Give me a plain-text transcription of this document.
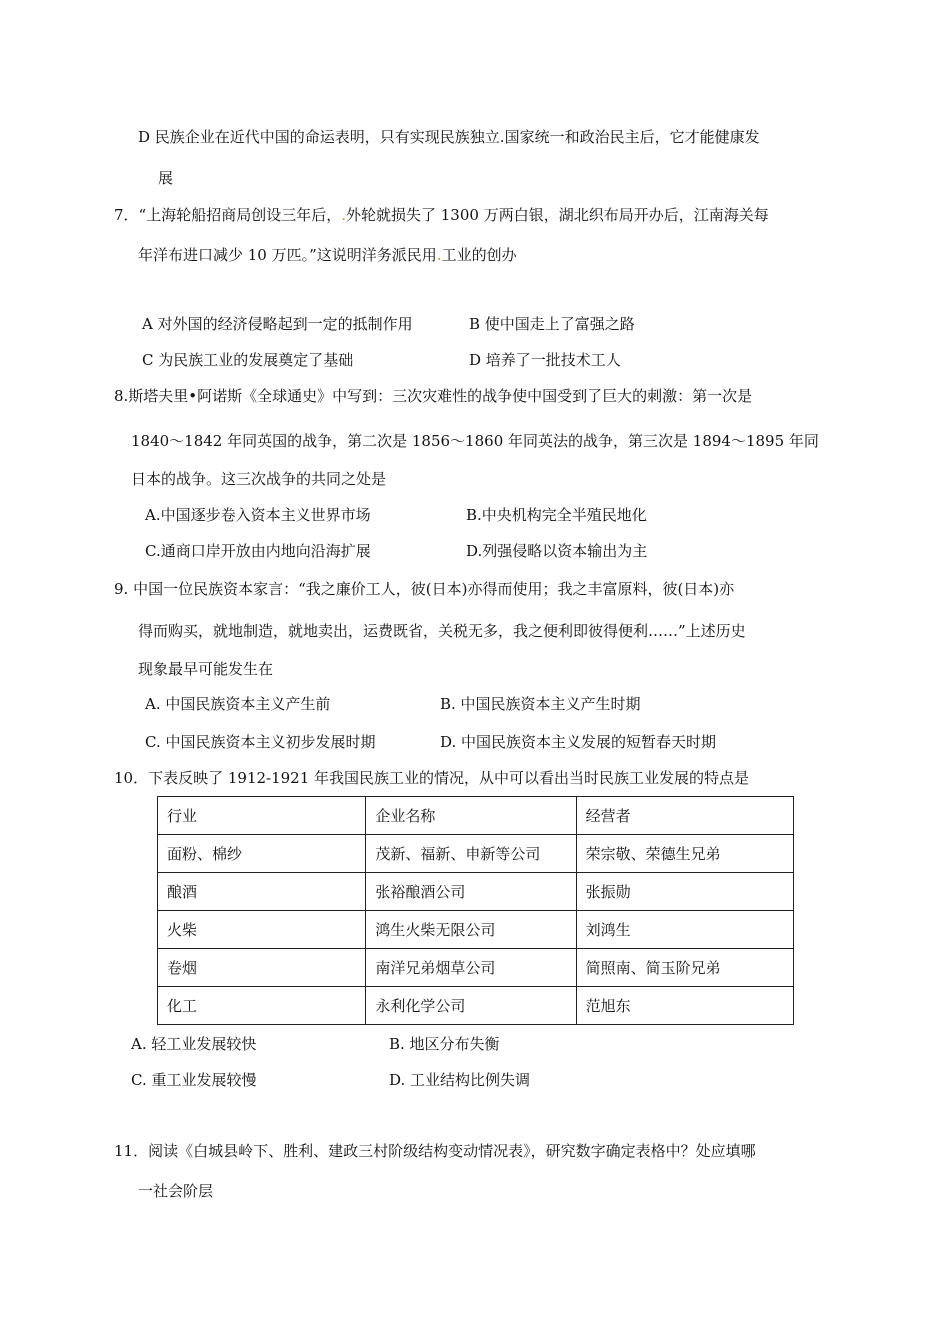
D 民族企业在近代中国的命运表明，只有实现民族独立.国家统一和政治民主后，它才能健康发
展
7．“上海轮船招商局创设三年后，.外轮就损失了 1300 万两白银，湖北织布局开办后，江南海关每
年洋布进口减少 10 万匹。”这说明洋务派民用.工业的创办
A 对外国的经济侵略起到一定的抵制作用	B 使中国走上了富强之路
C 为民族工业的发展奠定了基础	D 培养了一批技术工人
8.斯塔夫里•阿诺斯《全球通史》中写到：三次灾难性的战争使中国受到了巨大的刺激：第一次是
1840～1842 年同英国的战争，第二次是 1856～1860 年同英法的战争，第三次是 1894～1895 年同
日本的战争。这三次战争的共同之处是
A.中国逐步卷入资本主义世界市场	B.中央机构完全半殖民地化
C.通商口岸开放由内地向沿海扩展	D.列强侵略以资本输出为主
9. 中国一位民族资本家言：“我之廉价工人，彼(日本)亦得而使用；我之丰富原料，彼(日本)亦
得而购买，就地制造，就地卖出，运费既省，关税无多，我之便利即彼得便利……”上述历史
现象最早可能发生在
A. 中国民族资本主义产生前	B. 中国民族资本主义产生时期
C. 中国民族资本主义初步发展时期	D. 中国民族资本主义发展的短暂春天时期
10．下表反映了 1912-1921 年我国民族工业的情况，从中可以看出当时民族工业发展的特点是
行业	企业名称	经营者
面粉、棉纱	茂新、福新、申新等公司	荣宗敬、荣德生兄弟
酿酒	张裕酿酒公司	张振勋
火柴	鸿生火柴无限公司	刘鸿生
卷烟	南洋兄弟烟草公司	简照南、简玉阶兄弟
化工	永利化学公司	范旭东
A. 轻工业发展较快	B. 地区分布失衡
C. 重工业发展较慢	D. 工业结构比例失调
11．阅读《白城县岭下、胜利、建政三村阶级结构变动情况表》，研究数字确定表格中？处应填哪
一社会阶层
